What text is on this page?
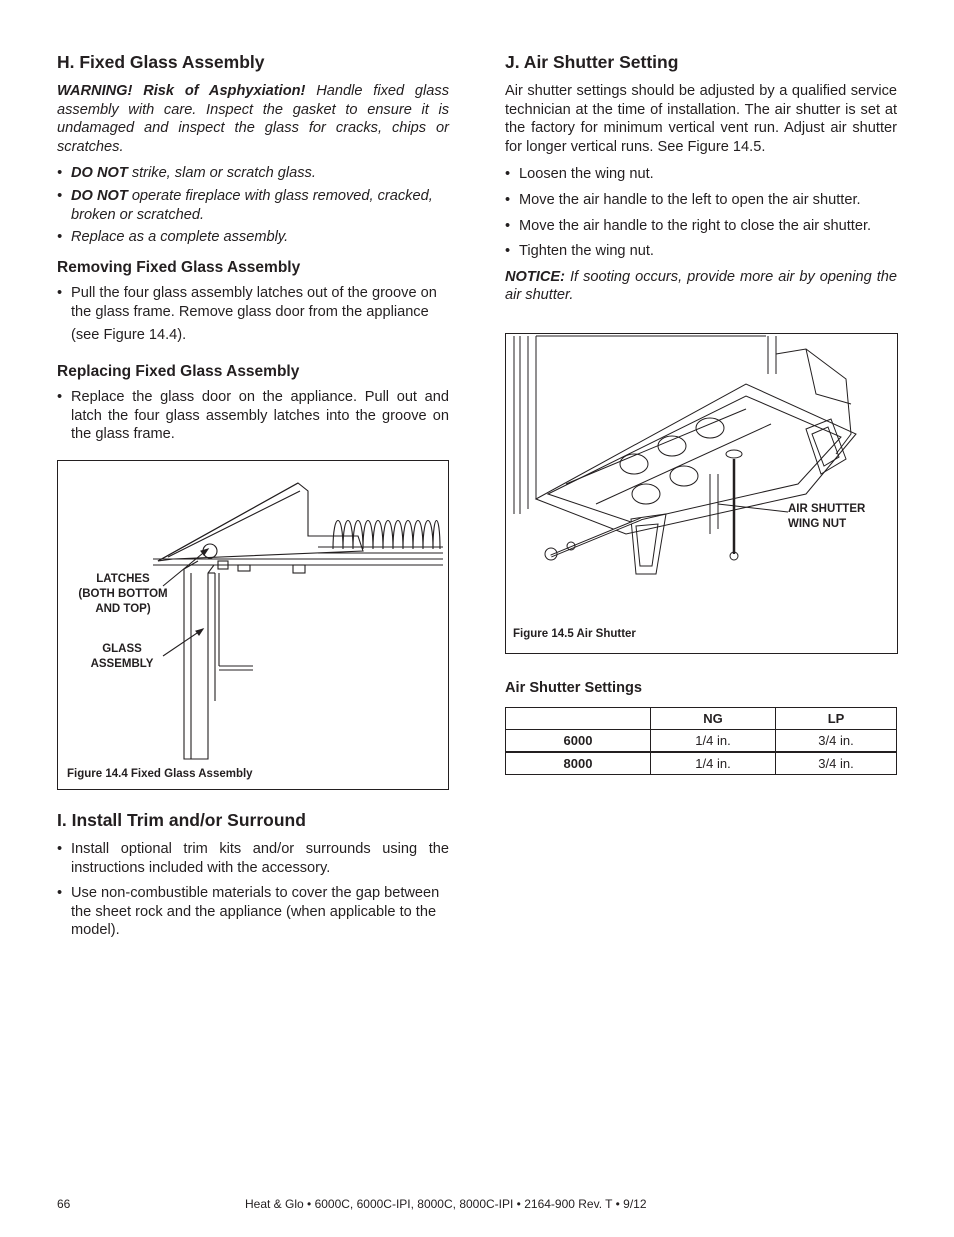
H. Fixed Glass Assembly

WARNING! Risk of Asphyxiation! Handle fixed glass assembly with care. Inspect the gasket to ensure it is undamaged and inspect the glass for cracks, chips or scratches.

• DO NOT strike, slam or scratch glass.
• DO NOT operate fireplace with glass removed, cracked, broken or scratched.
• Replace as a complete assembly.
Removing Fixed Glass Assembly
• Pull the four glass assembly latches out of the groove on the glass frame. Remove glass door from the appliance
(see Figure 14.4).
Replacing Fixed Glass Assembly
• Replace the glass door on the appliance. Pull out and latch the four glass assembly latches into the groove on the glass frame.
LATCHES
(BOTH BOTTOM
AND TOP)
GLASS
ASSEMBLY
Figure 14.4 Fixed Glass Assembly
I. Install Trim and/or Surround
• Install optional trim kits and/or surrounds using the instructions included with the accessory.
• Use non-combustible materials to cover the gap between the sheet rock and the appliance (when applicable to the model).
J. Air Shutter Setting

Air shutter settings should be adjusted by a qualified service technician at the time of installation. The air shutter is set at the factory for minimum vertical vent run. Adjust air shutter for longer vertical runs. See Figure 14.5.

• Loosen the wing nut.
• Move the air handle to the left to open the air shutter.
• Move the air handle to the right to close the air shutter.
• Tighten the wing nut.

NOTICE: If sooting occurs, provide more air by opening the air shutter.

AIR SHUTTER
WING NUT
Figure 14.5 Air Shutter
Air Shutter Settings
	NG	LP
6000	1/4 in.	3/4 in.
8000	1/4 in.	3/4 in.
66	Heat & Glo • 6000C, 6000C-IPI, 8000C, 8000C-IPI • 2164-900 Rev. T • 9/12
